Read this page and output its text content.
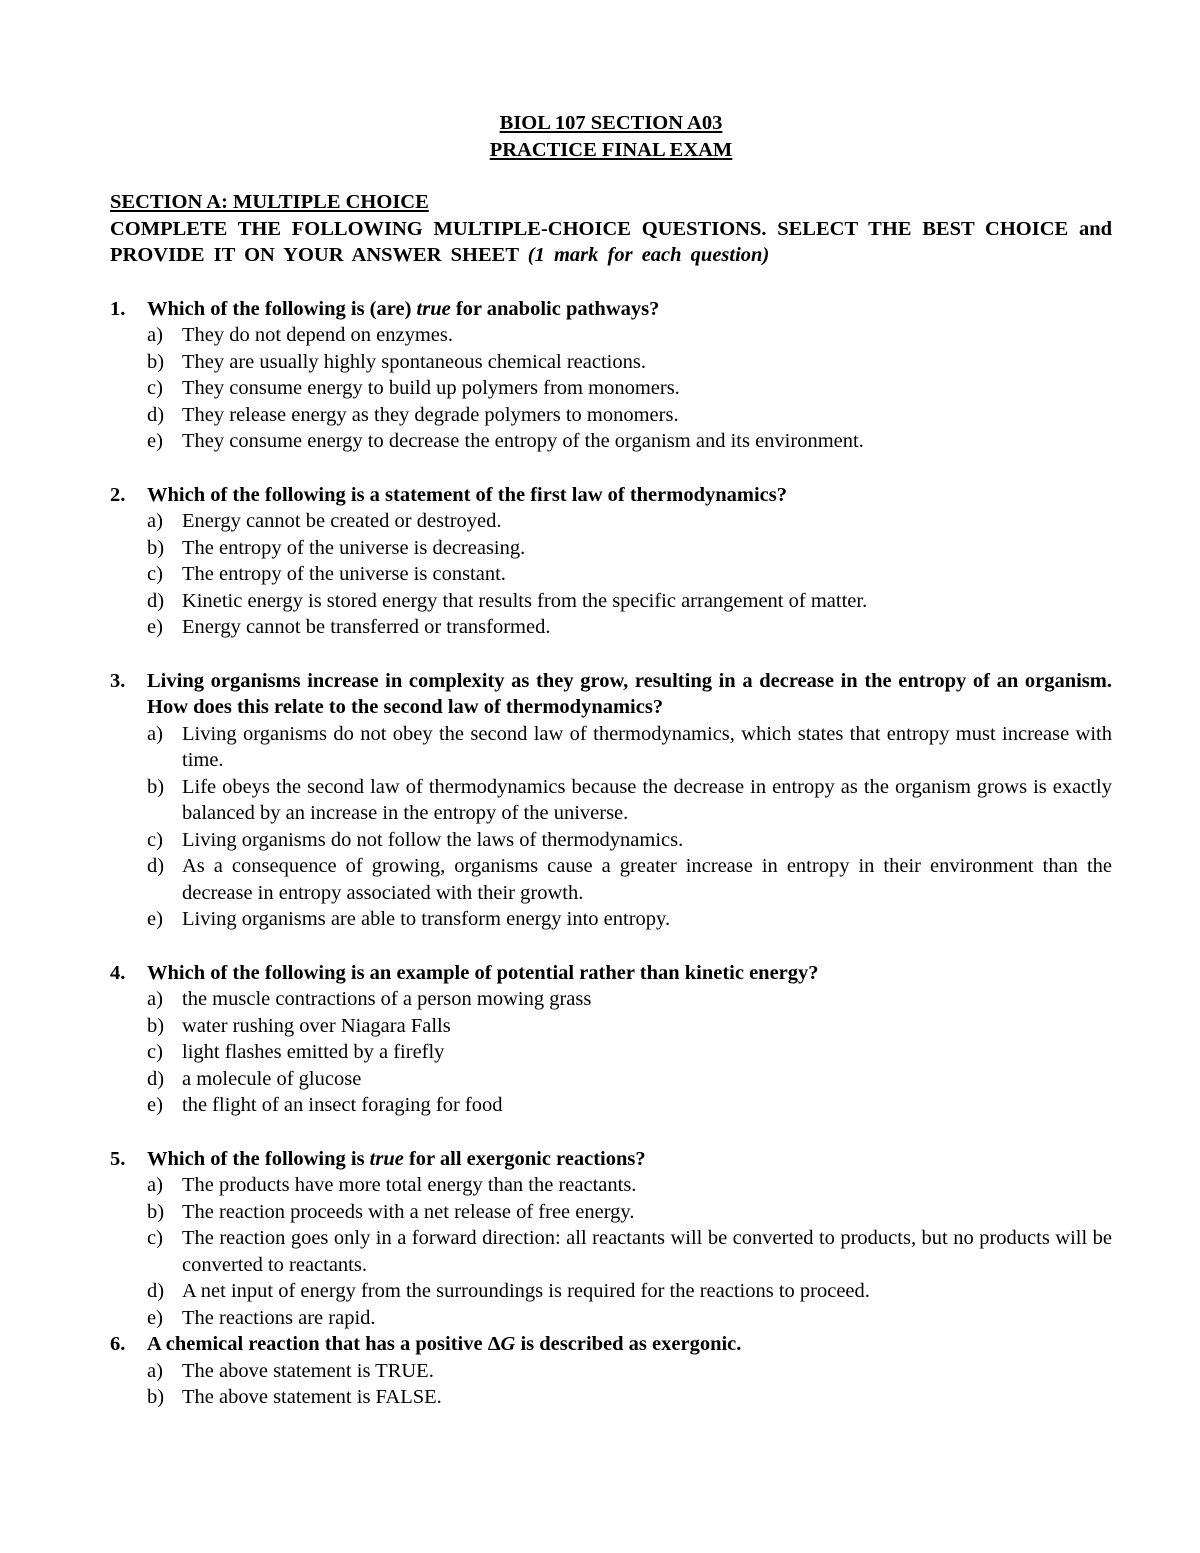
BIOL 107 SECTION A03
PRACTICE FINAL EXAM
SECTION A: MULTIPLE CHOICE
COMPLETE THE FOLLOWING MULTIPLE-CHOICE QUESTIONS. SELECT THE BEST CHOICE and PROVIDE IT ON YOUR ANSWER SHEET (1 mark for each question)
1.	Which of the following is (are) true for anabolic pathways?
a) They do not depend on enzymes.
b) They are usually highly spontaneous chemical reactions.
c) They consume energy to build up polymers from monomers.
d) They release energy as they degrade polymers to monomers.
e) They consume energy to decrease the entropy of the organism and its environment.
2.	Which of the following is a statement of the first law of thermodynamics?
a) Energy cannot be created or destroyed.
b) The entropy of the universe is decreasing.
c) The entropy of the universe is constant.
d) Kinetic energy is stored energy that results from the specific arrangement of matter.
e) Energy cannot be transferred or transformed.
3.	Living organisms increase in complexity as they grow, resulting in a decrease in the entropy of an organism. How does this relate to the second law of thermodynamics?
a) Living organisms do not obey the second law of thermodynamics, which states that entropy must increase with time.
b) Life obeys the second law of thermodynamics because the decrease in entropy as the organism grows is exactly balanced by an increase in the entropy of the universe.
c) Living organisms do not follow the laws of thermodynamics.
d) As a consequence of growing, organisms cause a greater increase in entropy in their environment than the decrease in entropy associated with their growth.
e) Living organisms are able to transform energy into entropy.
4.	Which of the following is an example of potential rather than kinetic energy?
a) the muscle contractions of a person mowing grass
b) water rushing over Niagara Falls
c) light flashes emitted by a firefly
d) a molecule of glucose
e) the flight of an insect foraging for food
5.	Which of the following is true for all exergonic reactions?
a) The products have more total energy than the reactants.
b) The reaction proceeds with a net release of free energy.
c) The reaction goes only in a forward direction: all reactants will be converted to products, but no products will be converted to reactants.
d) A net input of energy from the surroundings is required for the reactions to proceed.
e) The reactions are rapid.
6.	A chemical reaction that has a positive ΔG is described as exergonic.
a) The above statement is TRUE.
b) The above statement is FALSE.
